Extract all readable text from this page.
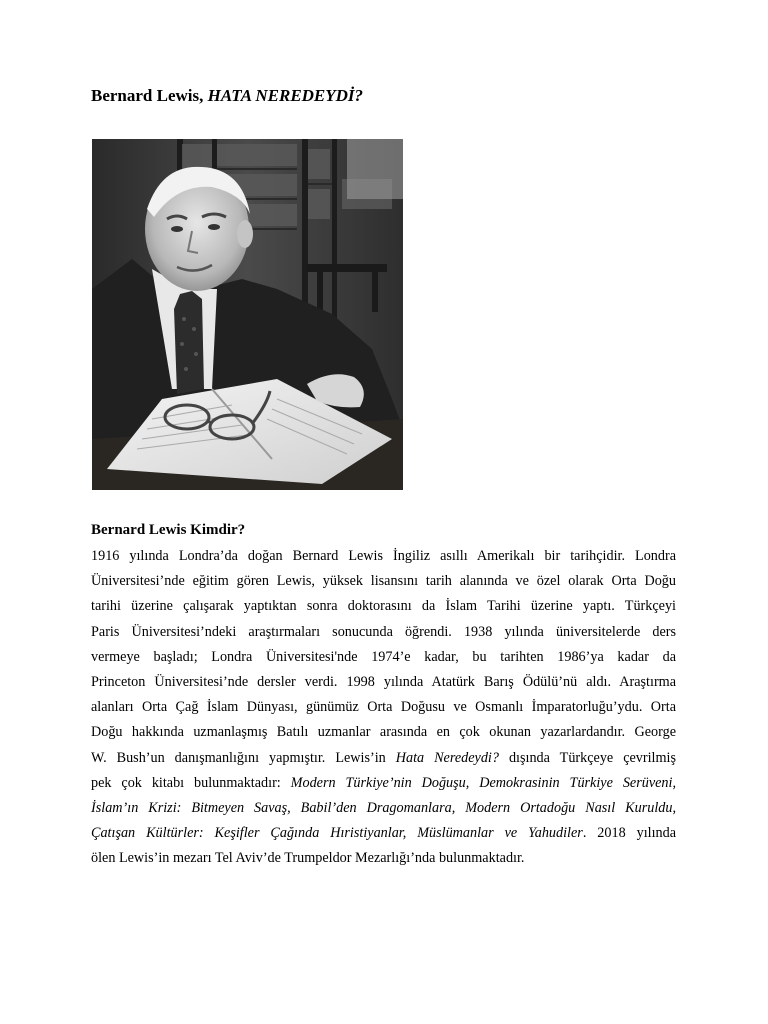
Bernard Lewis, HATA NEREDEYDİ?
Bernard Lewis Kimdir?
1916 yılında Londra’da doğan Bernard Lewis İngiliz asıllı Amerikalı bir tarihçidir. Londra
Üniversitesi’nde eğitim gören Lewis, yüksek lisansını tarih alanında ve özel olarak Orta Doğu
tarihi üzerine çalışarak yaptıktan sonra doktorasını da İslam Tarihi üzerine yaptı. Türkçeyi
Paris Üniversitesi’ndeki araştırmaları sonucunda öğrendi. 1938 yılında üniversitelerde ders
vermeye başladı; Londra Üniversitesi'nde 1974’e kadar, bu tarihten 1986’ya kadar da
Princeton Üniversitesi’nde dersler verdi. 1998 yılında Atatürk Barış Ödülü’nü aldı. Araştırma
alanları Orta Çağ İslam Dünyası, günümüz Orta Doğusu ve Osmanlı İmparatorluğu’ydu. Orta
Doğu hakkında uzmanlaşmış Batılı uzmanlar arasında en çok okunan yazarlardandır. George
W. Bush’un danışmanlığını yapmıştır. Lewis’in Hata Neredeydi? dışında Türkçeye çevrilmiş
pek çok kitabı bulunmaktadır: Modern Türkiye’nin Doğuşu, Demokrasinin Türkiye Serüveni,
İslam’ın Krizi: Bitmeyen Savaş, Babil’den Dragomanlara, Modern Ortadoğu Nasıl Kuruldu,
Çatışan Kültürler: Keşifler Çağında Hıristiyanlar, Müslümanlar ve Yahudiler. 2018 yılında
ölen Lewis’in mezarı Tel Aviv’de Trumpeldor Mezarlığı’nda bulunmaktadır.
